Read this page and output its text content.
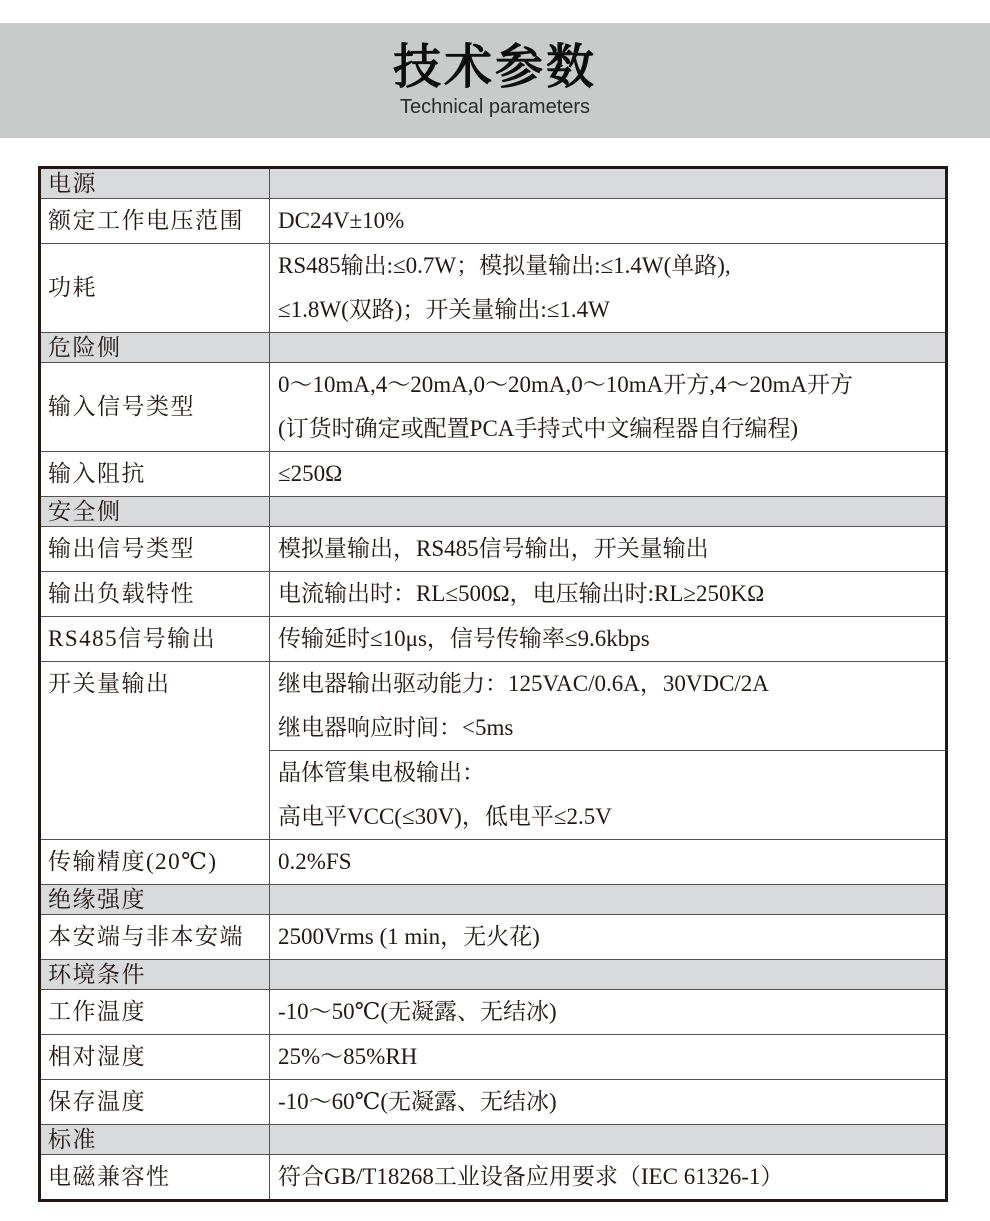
技术参数
Technical parameters
电源	
额定工作电压范围	DC24V±10%

功耗	RS485输出:≤0.7W；模拟量输出:≤1.4W(单路),
≤1.8W(双路)；开关量输出:≤1.4W

危险侧	
输入信号类型	0～10mA,4～20mA,0～20mA,0～10mA开方,4～20mA开方
(订货时确定或配置PCA手持式中文编程器自行编程)

输入阻抗	≤250Ω

安全侧	
输出信号类型	模拟量输出，RS485信号输出，开关量输出

输出负载特性	电流输出时：RL≤500Ω，电压输出时:RL≥250KΩ

RS485信号输出	传输延时≤10μs，信号传输率≤9.6kbps

开关量输出	继电器输出驱动能力：125VAC/0.6A，30VDC/2A
继电器响应时间：<5ms

	晶体管集电极输出：
高电平VCC(≤30V)，低电平≤2.5V

传输精度(20℃)	0.2%FS

绝缘强度	
本安端与非本安端	2500Vrms (1 min，无火花)

环境条件	
工作温度	-10～50℃(无凝露、无结冰)

相对湿度	25%～85%RH

保存温度	-10～60℃(无凝露、无结冰)

标准	
电磁兼容性	符合GB/T18268工业设备应用要求（IEC 61326-1）
